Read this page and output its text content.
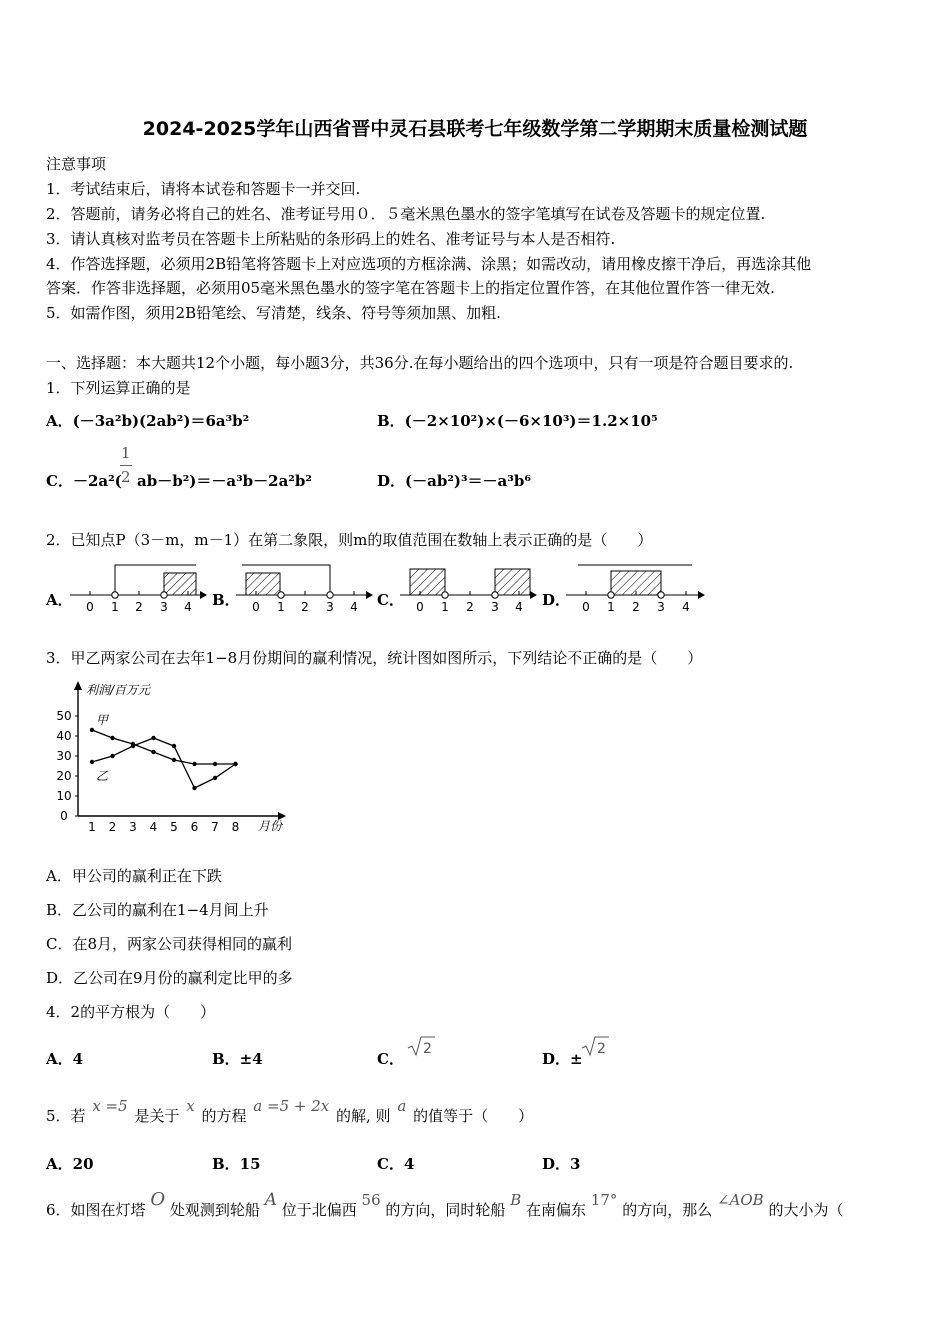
2024-2025学年山西省晋中灵石县联考七年级数学第二学期期末质量检测试题
注意事项
1．考试结束后，请将本试卷和答题卡一并交回.
2．答题前，请务必将自己的姓名、准考证号用０．５毫米黑色墨水的签字笔填写在试卷及答题卡的规定位置.
3．请认真核对监考员在答题卡上所粘贴的条形码上的姓名、准考证号与本人是否相符.
4．作答选择题，必须用2B铅笔将答题卡上对应选项的方框涂满、涂黑；如需改动，请用橡皮擦干净后，再选涂其他
答案．作答非选择题，必须用05毫米黑色墨水的签字笔在答题卡上的指定位置作答，在其他位置作答一律无效.
5．如需作图，须用2B铅笔绘、写清楚，线条、符号等须加黑、加粗.
一、选择题：本大题共12个小题，每小题3分，共36分.在每小题给出的四个选项中，只有一项是符合题目要求的.
1．下列运算正确的是
A．(－3a²b)(2ab²)＝6a³b²	B．(－2×10²)×(－6×10³)＝1.2×10⁵
C．－2a²(
1
2 ab－b²)＝－a³b－2a²b²	D．(－ab²)³＝－a³b⁶
2．已知点P（3－m，m－1）在第二象限，则m的取值范围在数轴上表示正确的是（　　）
A．	B．	C．	D．
0 1 2 3 4	0 1 2 3 4	0 1 2 3 4	0 1 2 3 4
3．甲乙两家公司在去年1−8月份期间的赢利情况，统计图如图所示，下列结论不正确的是（　　）
0
10
20
30
40
50
1 2 3 4 5 6 7 8
利润/百万元
月份
甲
乙
A．甲公司的赢利正在下跌
B．乙公司的赢利在1−4月间上升
C．在8月，两家公司获得相同的赢利
D．乙公司在9月份的赢利定比甲的多
4．2的平方根为（　　）
A．4	B．±4	C．
2
D．±
2
5．若 x =5 是关于 x 的方程 a =5 + 2x 的解, 则 a 的值等于（　　）
A．20	B．15	C．4	D．3
6．如图在灯塔 O 处观测到轮船 A 位于北偏西 56 的方向，同时轮船 B 在南偏东 17° 的方向，那么 ∠AOB 的大小为（
